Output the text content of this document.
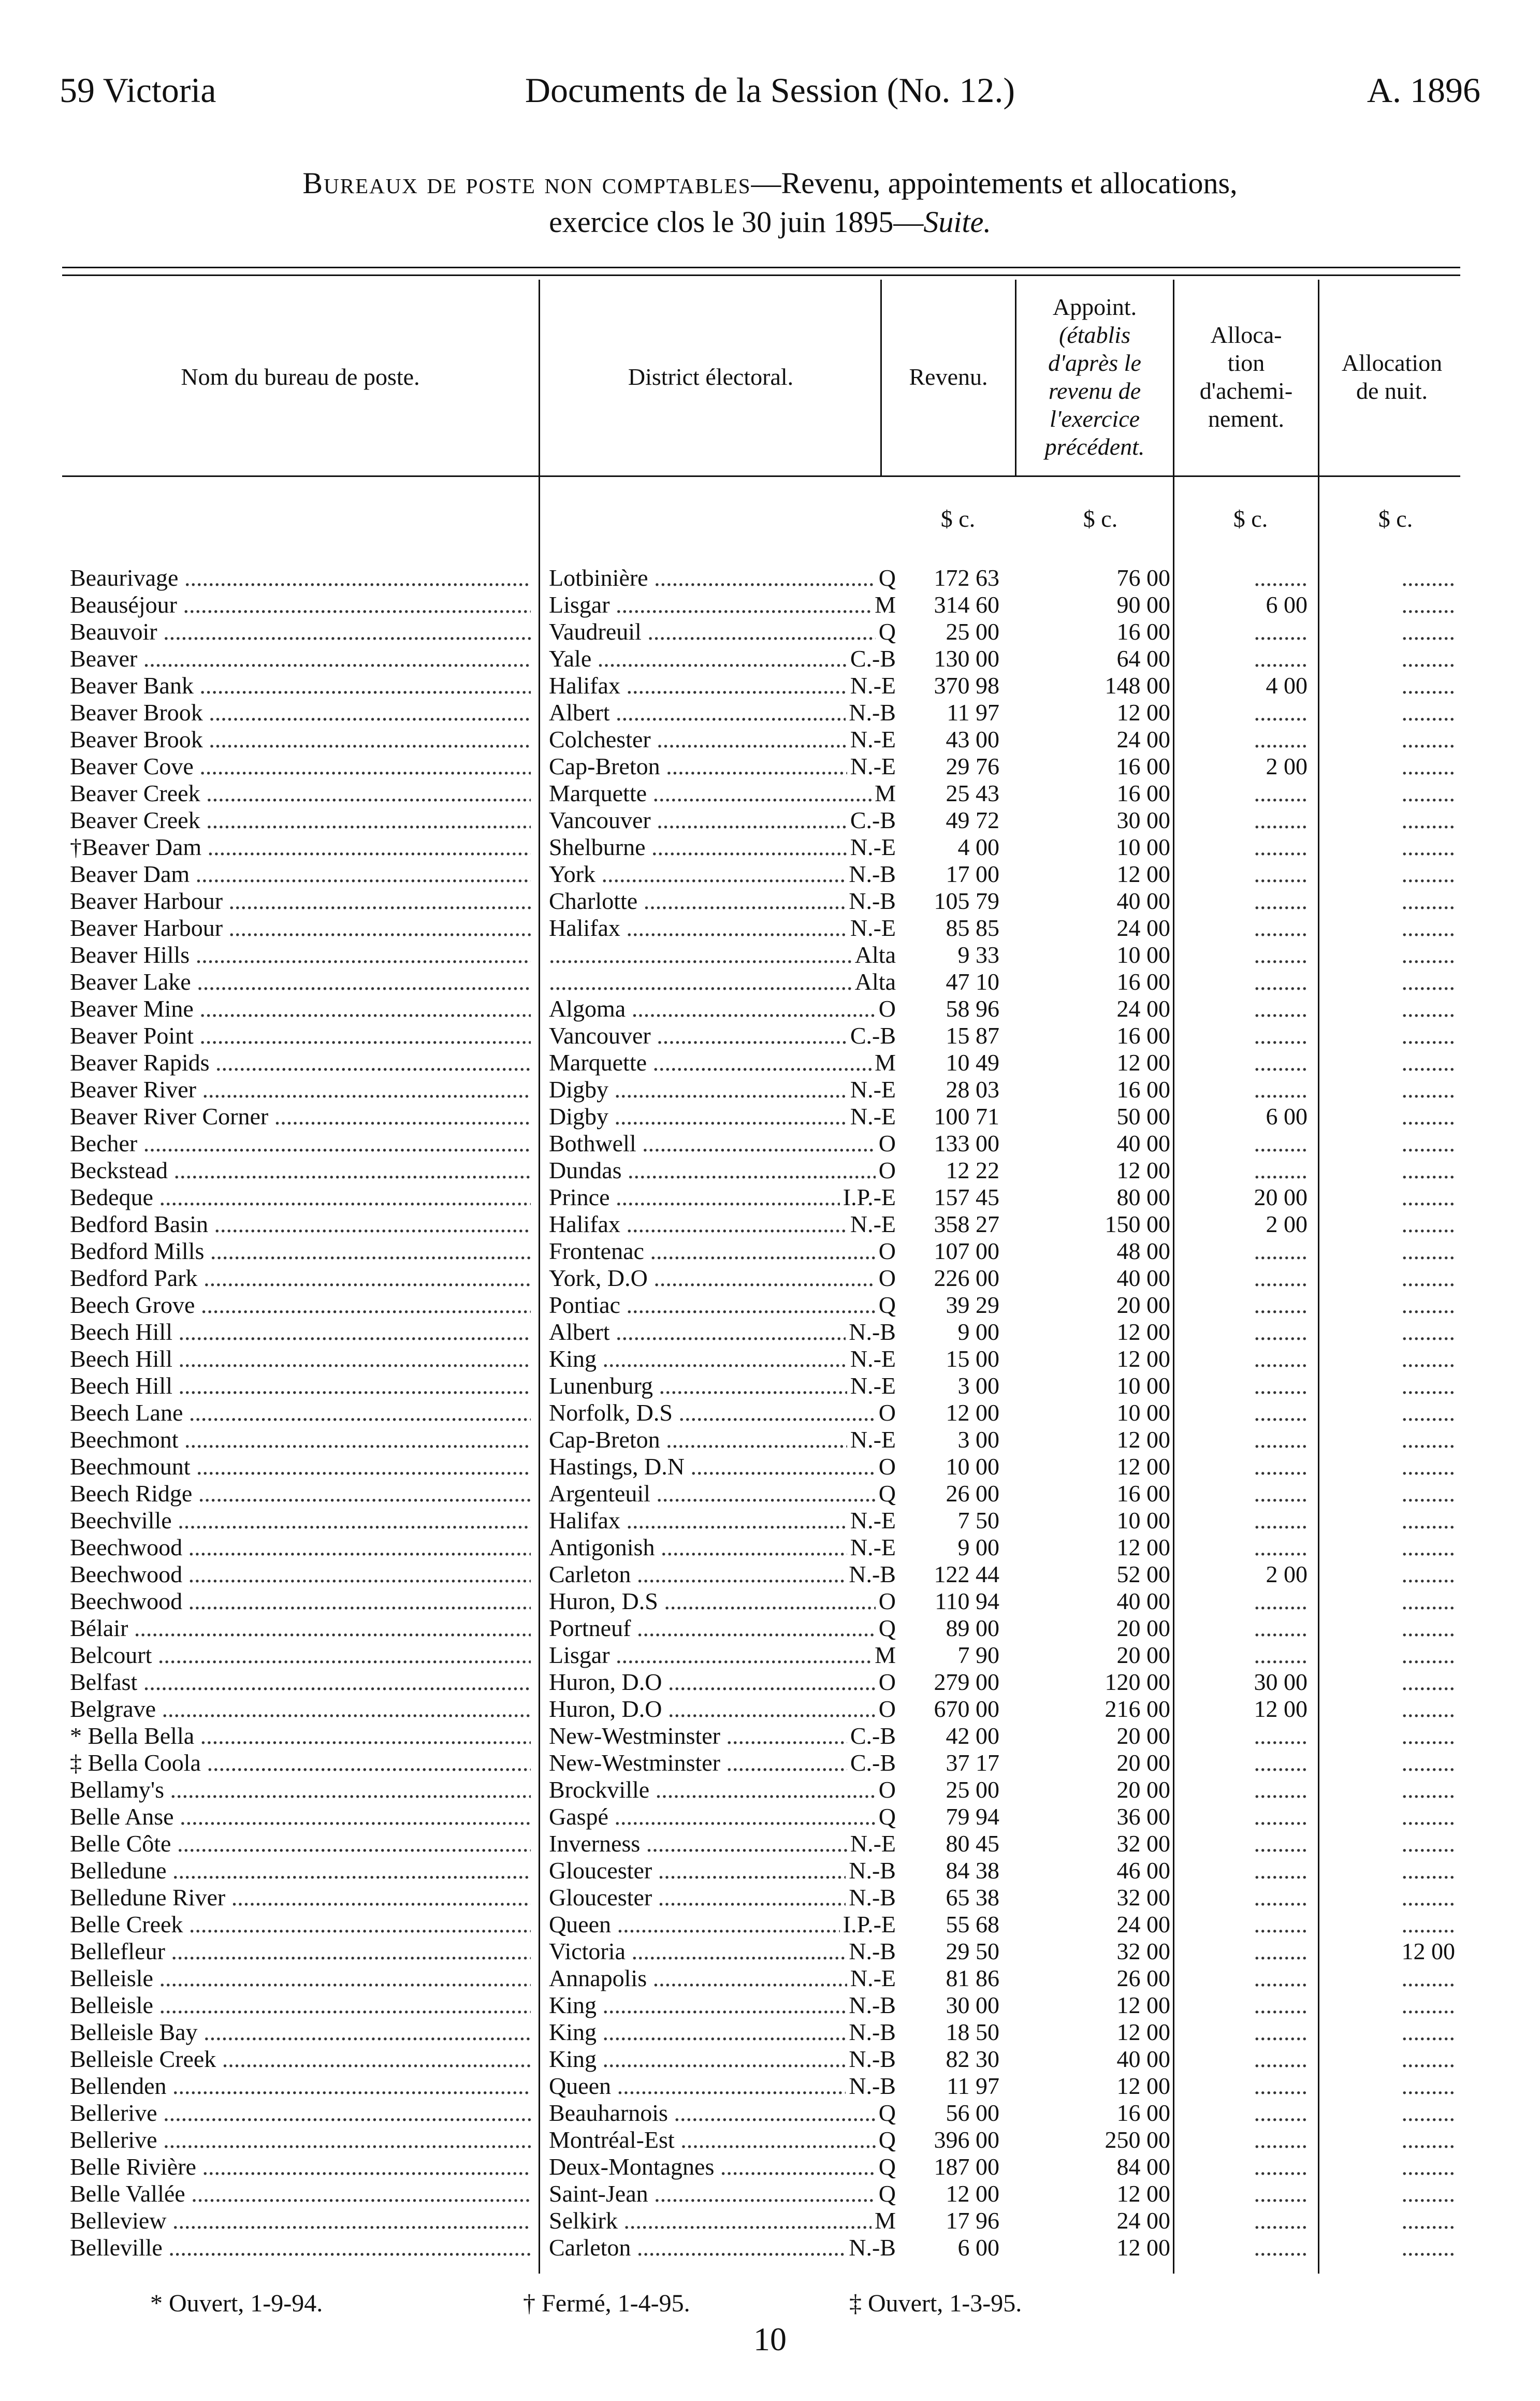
59 Victoria	Documents de la Session (No. 12.)	A. 1896
Bureaux de poste non comptables—Revenu, appointements et allocations,
exercice clos le 30 juin 1895—Suite.
Nom du bureau de poste.	District électoral.	Revenu.
Appoint.
(établis
d'après le
revenu de
l'exercice
précédent.
Alloca-
tion
d'achemi-
nement.
Allocation
de nuit.
$ c.	$ c.	$ c.	$ c.
Beaurivage .....	Lotbinière .....	Q	172 63	76 00	.........	.........
Beauséjour .....	Lisgar .....	M	314 60	90 00	6 00	.........
Beauvoir .....	Vaudreuil .....	Q	25 00	16 00	.........	.........
Beaver .....	Yale .....	C.-B	130 00	64 00	.........	.........
Beaver Bank .....	Halifax .....	N.-E	370 98	148 00	4 00	.........
Beaver Brook .....	Albert .....	N.-B	11 97	12 00	.........	.........
Beaver Brook .....	Colchester .....	N.-E	43 00	24 00	.........	.........
Beaver Cove .....	Cap-Breton .....	N.-E	29 76	16 00	2 00	.........
Beaver Creek .....	Marquette .....	M	25 43	16 00	.........	.........
Beaver Creek .....	Vancouver .....	C.-B	49 72	30 00	.........	.........
†Beaver Dam .....	Shelburne .....	N.-E	4 00	10 00	.........	.........
Beaver Dam .....	York .....	N.-B	17 00	12 00	.........	.........
Beaver Harbour .....	Charlotte .....	N.-B	105 79	40 00	.........	.........
Beaver Harbour .....	Halifax .....	N.-E	85 85	24 00	.........	.........
Beaver Hills ..... .....	Alta	9 33	10 00	.........	.........
Beaver Lake ..... .....	Alta	47 10	16 00	.........	.........
Beaver Mine .....	Algoma .....	O	58 96	24 00	.........	.........
Beaver Point .....	Vancouver .....	C.-B	15 87	16 00	.........	.........
Beaver Rapids .....	Marquette .....	M	10 49	12 00	.........	.........
Beaver River .....	Digby .....	N.-E	28 03	16 00	.........	.........
Beaver River Corner .....	Digby .....	N.-E	100 71	50 00	6 00	.........
Becher .....	Bothwell .....	O	133 00	40 00	.........	.........
Beckstead .....	Dundas .....	O	12 22	12 00	.........	.........
Bedeque .....	Prince .....	I.P.-E	157 45	80 00	20 00	.........
Bedford Basin .....	Halifax .....	N.-E	358 27	150 00	2 00	.........
Bedford Mills .....	Frontenac .....	O	107 00	48 00	.........	.........
Bedford Park .....	York, D.O .....	O	226 00	40 00	.........	.........
Beech Grove .....	Pontiac .....	Q	39 29	20 00	.........	.........
Beech Hill .....	Albert .....	N.-B	9 00	12 00	.........	.........
Beech Hill .....	King .....	N.-E	15 00	12 00	.........	.........
Beech Hill .....	Lunenburg .....	N.-E	3 00	10 00	.........	.........
Beech Lane .....	Norfolk, D.S .....	O	12 00	10 00	.........	.........
Beechmont .....	Cap-Breton .....	N.-E	3 00	12 00	.........	.........
Beechmount .....	Hastings, D.N .....	O	10 00	12 00	.........	.........
Beech Ridge .....	Argenteuil .....	Q	26 00	16 00	.........	.........
Beechville .....	Halifax .....	N.-E	7 50	10 00	.........	.........
Beechwood .....	Antigonish .....	N.-E	9 00	12 00	.........	.........
Beechwood .....	Carleton .....	N.-B	122 44	52 00	2 00	.........
Beechwood .....	Huron, D.S .....	O	110 94	40 00	.........	.........
Bélair .....	Portneuf .....	Q	89 00	20 00	.........	.........
Belcourt .....	Lisgar .....	M	7 90	20 00	.........	.........
Belfast .....	Huron, D.O .....	O	279 00	120 00	30 00	.........
Belgrave .....	Huron, D.O .....	O	670 00	216 00	12 00	.........
* Bella Bella .....	New-Westminster .....	C.-B	42 00	20 00	.........	.........
‡ Bella Coola .....	New-Westminster .....	C.-B	37 17	20 00	.........	.........
Bellamy's .....	Brockville .....	O	25 00	20 00	.........	.........
Belle Anse .....	Gaspé .....	Q	79 94	36 00	.........	.........
Belle Côte .....	Inverness .....	N.-E	80 45	32 00	.........	.........
Belledune .....	Gloucester .....	N.-B	84 38	46 00	.........	.........
Belledune River .....	Gloucester .....	N.-B	65 38	32 00	.........	.........
Belle Creek .....	Queen .....	I.P.-E	55 68	24 00	.........	.........
Bellefleur .....	Victoria .....	N.-B	29 50	32 00	.........	12 00
Belleisle .....	Annapolis .....	N.-E	81 86	26 00	.........	.........
Belleisle .....	King .....	N.-B	30 00	12 00	.........	.........
Belleisle Bay .....	King .....	N.-B	18 50	12 00	.........	.........
Belleisle Creek .....	King .....	N.-B	82 30	40 00	.........	.........
Bellenden .....	Queen .....	N.-B	11 97	12 00	.........	.........
Bellerive .....	Beauharnois .....	Q	56 00	16 00	.........	.........
Bellerive .....	Montréal-Est .....	Q	396 00	250 00	.........	.........
Belle Rivière .....	Deux-Montagnes .....	Q	187 00	84 00	.........	.........
Belle Vallée .....	Saint-Jean .....	Q	12 00	12 00	.........	.........
Belleview .....	Selkirk .....	M	17 96	24 00	.........	.........
Belleville .....	Carleton .....	N.-B	6 00	12 00	.........	.........
* Ouvert, 1-9-94.	† Fermé, 1-4-95.	‡ Ouvert, 1-3-95.
10
